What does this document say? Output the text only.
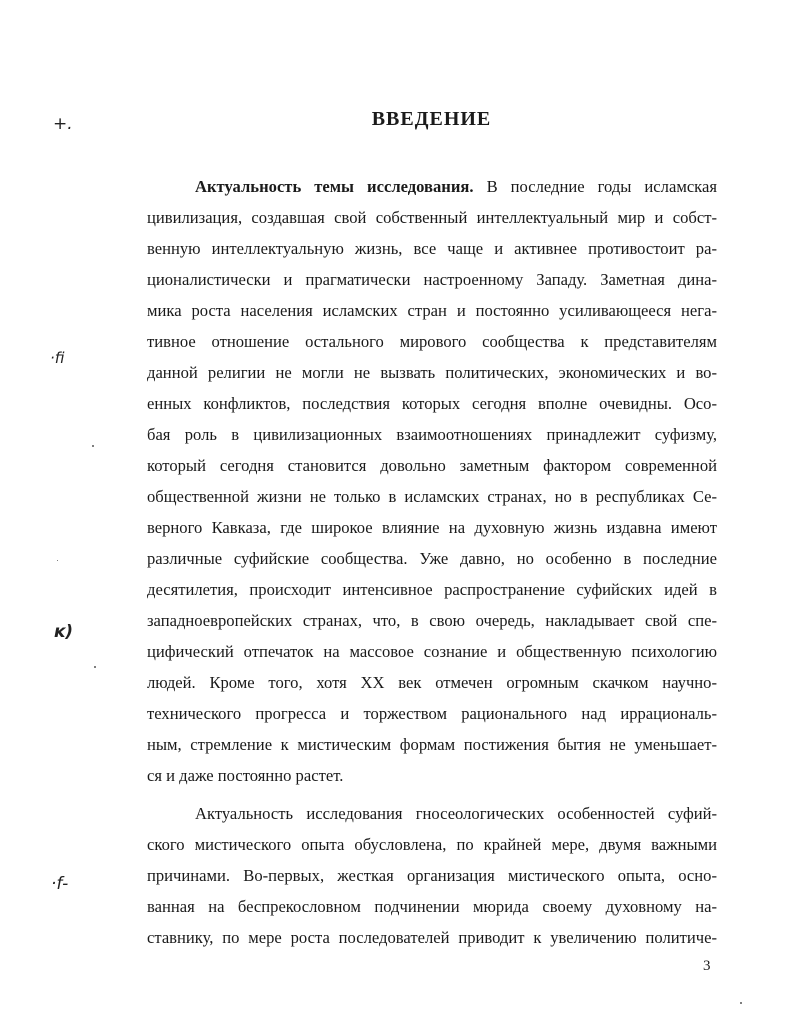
+.
·fi
ĸ)
·f-
ВВЕДЕНИЕ
Актуальность темы исследования. В последние годы исламская
цивилизация, создавшая свой собственный интеллектуальный мир и собст-
венную интеллектуальную жизнь, все чаще и активнее противостоит ра-
ционалистически и прагматически настроенному Западу. Заметная дина-
мика роста населения исламских стран и постоянно усиливающееся нега-
тивное отношение остального мирового сообщества к представителям
данной религии не могли не вызвать политических, экономических и во-
енных конфликтов, последствия которых сегодня вполне очевидны. Осо-
бая роль в цивилизационных взаимоотношениях принадлежит суфизму,
который сегодня становится довольно заметным фактором современной
общественной жизни не только в исламских странах, но в республиках Се-
верного Кавказа, где широкое влияние на духовную жизнь издавна имеют
различные суфийские сообщества. Уже давно, но особенно в последние
десятилетия, происходит интенсивное распространение суфийских идей в
западноевропейских странах, что, в свою очередь, накладывает свой спе-
цифический отпечаток на массовое сознание и общественную психологию
людей. Кроме того, хотя XX век отмечен огромным скачком научно-
технического прогресса и торжеством рационального над иррациональ-
ным, стремление к мистическим формам постижения бытия не уменьшает-
ся и даже постоянно растет.
Актуальность исследования гносеологических особенностей суфий-
ского мистического опыта обусловлена, по крайней мере, двумя важными
причинами. Во-первых, жесткая организация мистического опыта, осно-
ванная на беспрекословном подчинении мюрида своему духовному на-
ставнику, по мере роста последователей приводит к увеличению политиче-
3
